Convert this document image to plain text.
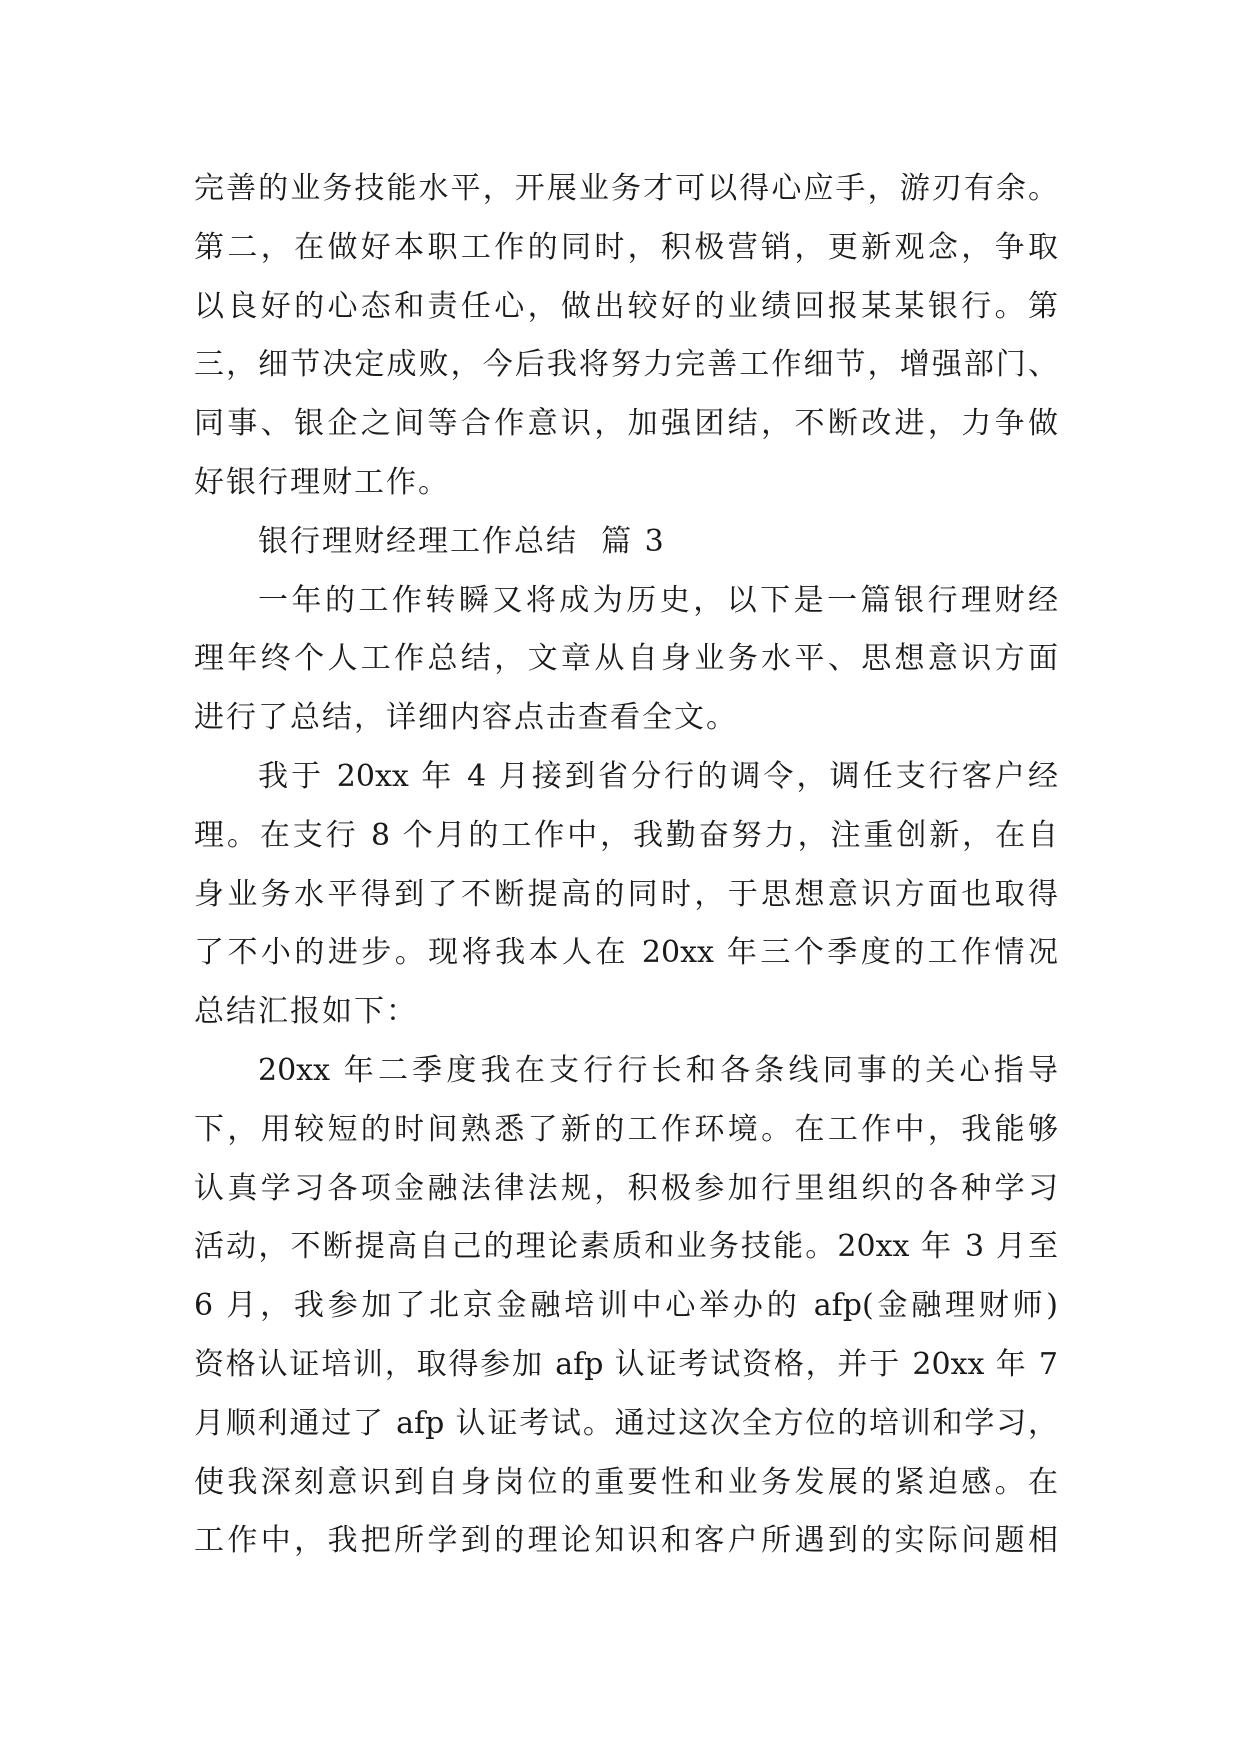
完善的业务技能水平，开展业务才可以得心应手，游刃有余。
第二，在做好本职工作的同时，积极营销，更新观念，争取
以良好的心态和责任心，做出较好的业绩回报某某银行。第
三，细节决定成败，今后我将努力完善工作细节，增强部门、
同事、银企之间等合作意识，加强团结，不断改进，力争做
好银行理财工作。
银行理财经理工作总结  篇 3
一年的工作转瞬又将成为历史，以下是一篇银行理财经
理年终个人工作总结，文章从自身业务水平、思想意识方面
进行了总结，详细内容点击查看全文。
我于 20xx 年 4 月接到省分行的调令，调任支行客户经
理。在支行 8 个月的工作中，我勤奋努力，注重创新，在自
身业务水平得到了不断提高的同时，于思想意识方面也取得
了不小的进步。现将我本人在 20xx 年三个季度的工作情况
总结汇报如下：
20xx 年二季度我在支行行长和各条线同事的关心指导
下，用较短的时间熟悉了新的工作环境。在工作中，我能够
认真学习各项金融法律法规，积极参加行里组织的各种学习
活动，不断提高自己的理论素质和业务技能。20xx 年 3 月至
6 月，我参加了北京金融培训中心举办的 afp(金融理财师)
资格认证培训，取得参加 afp 认证考试资格，并于 20xx 年 7
月顺利通过了 afp 认证考试。通过这次全方位的培训和学习，
使我深刻意识到自身岗位的重要性和业务发展的紧迫感。在
工作中，我把所学到的理论知识和客户所遇到的实际问题相
